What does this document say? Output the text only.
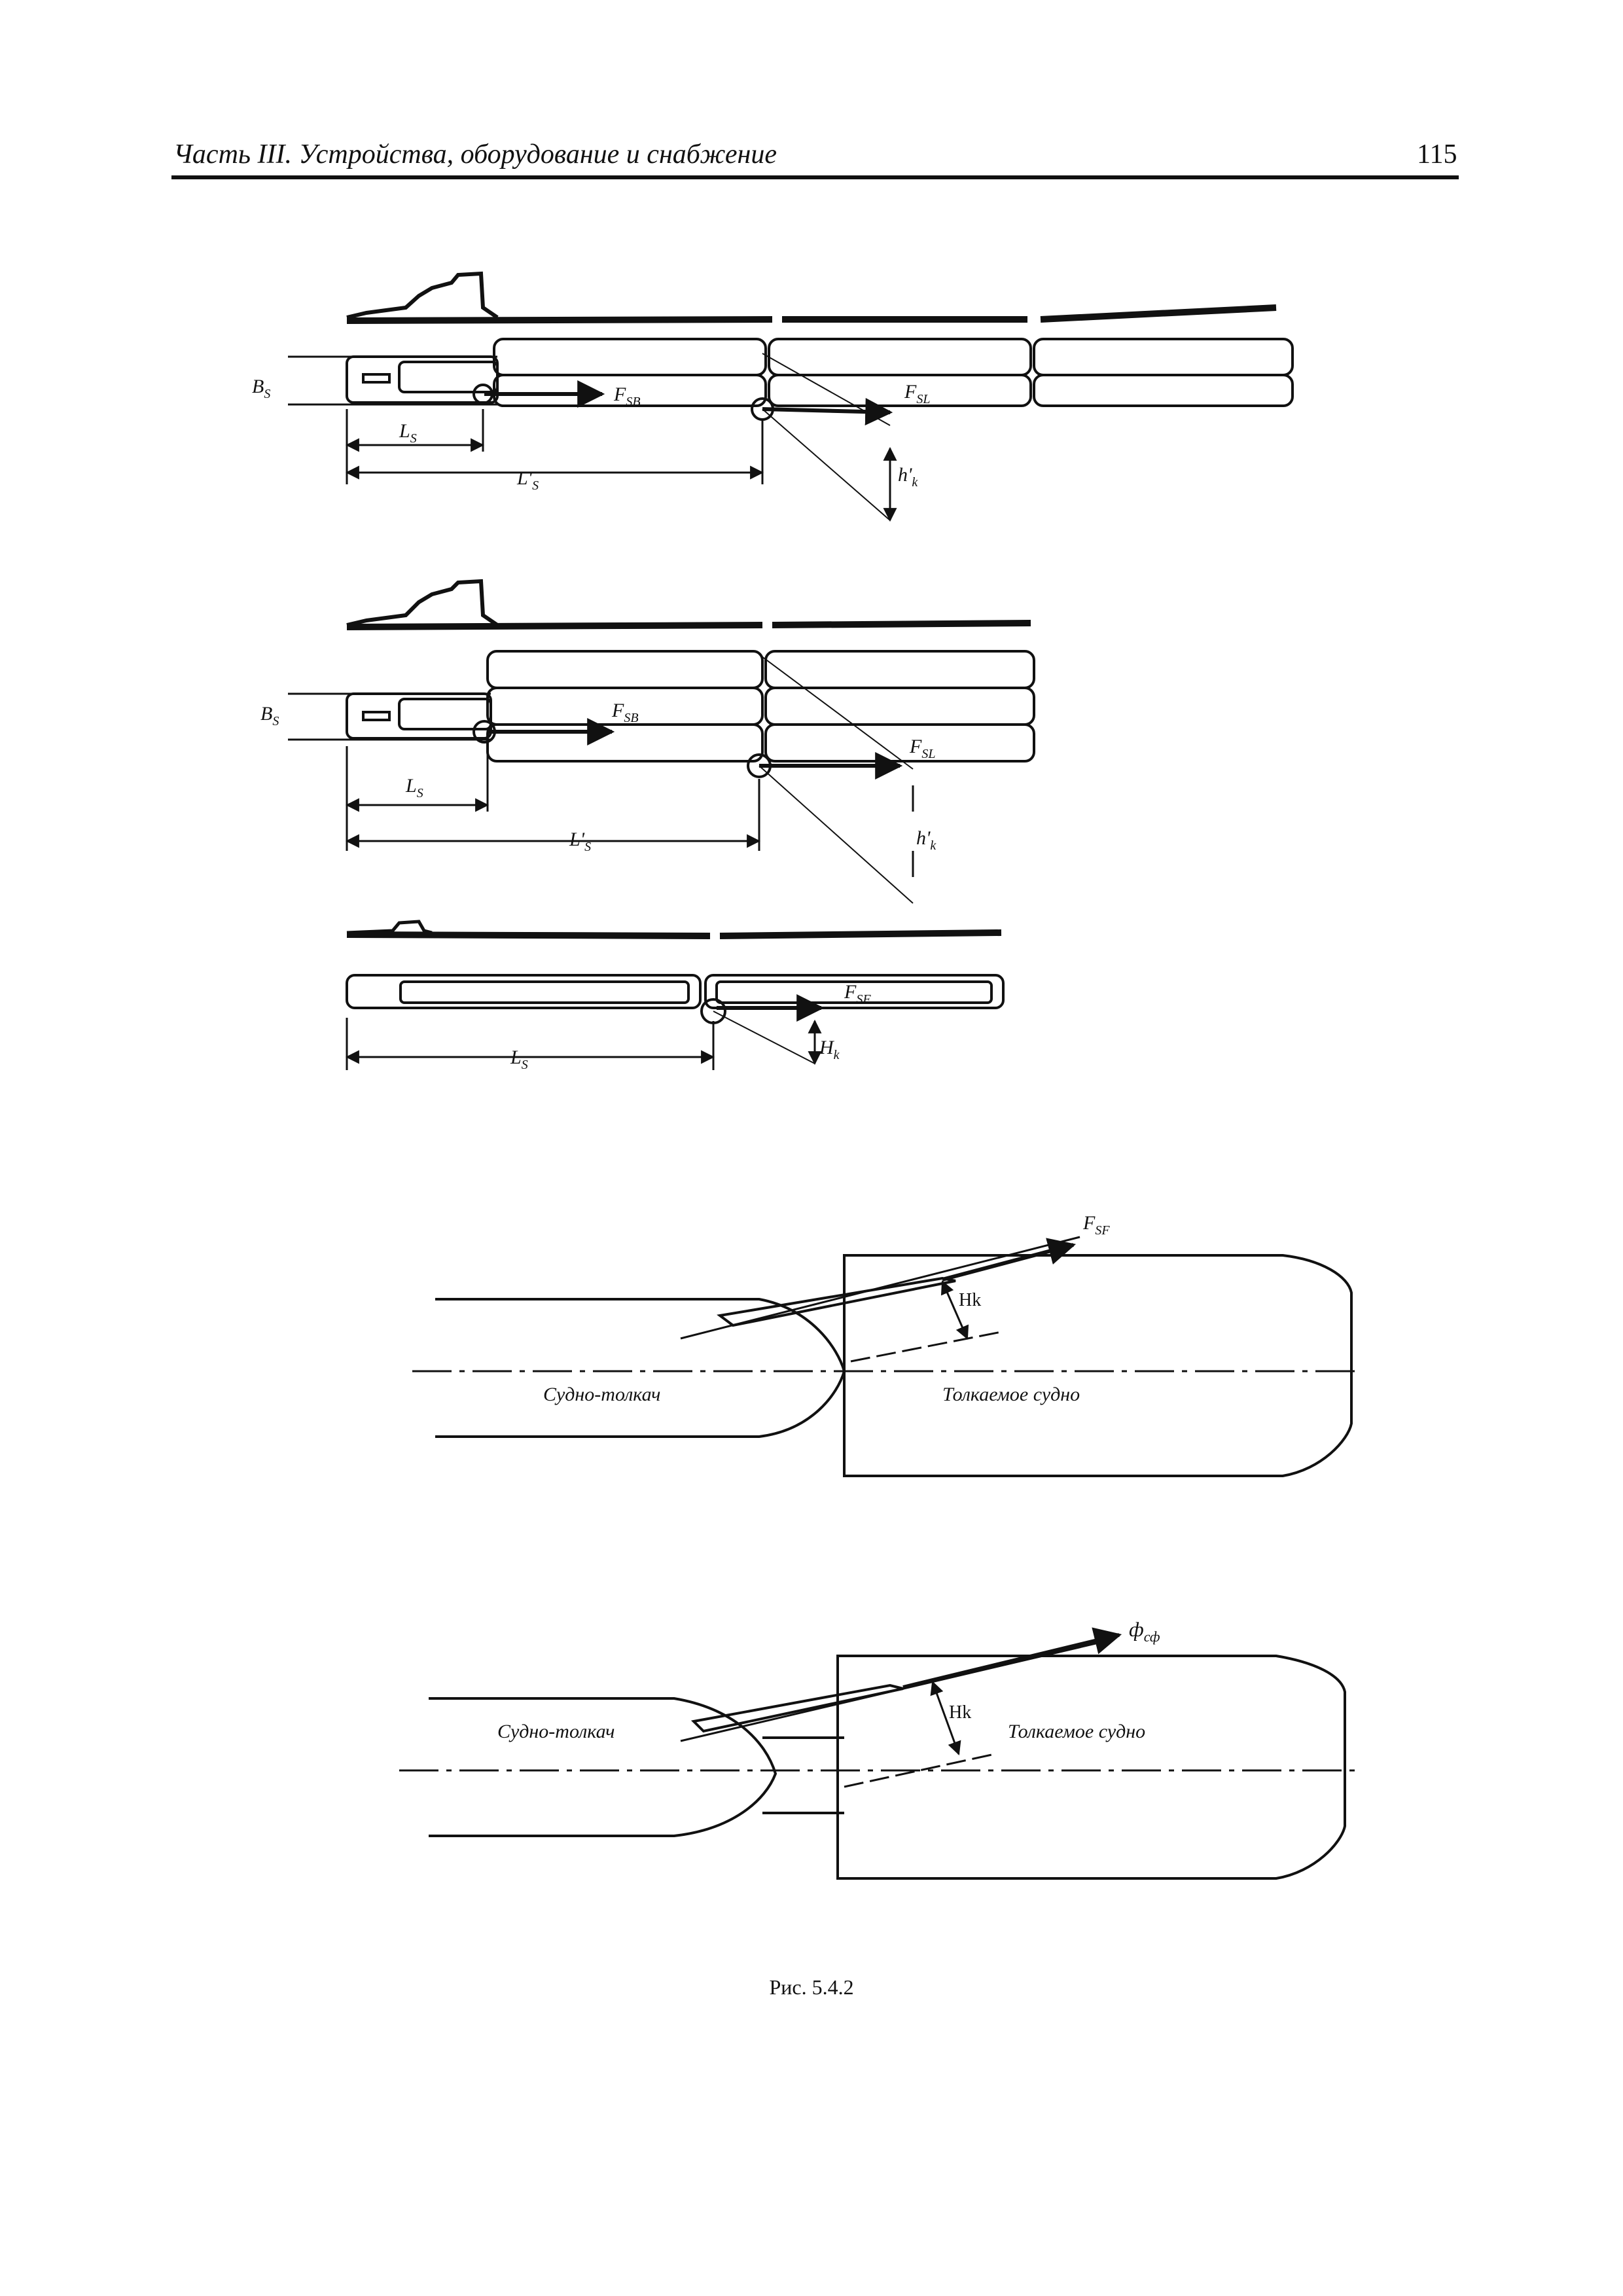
Часть III. Устройства, оборудование и снабжение	115
$B_S$
$L_S$
$L'_S$
$F_{SB}$	$F_{SL}$
$h'_k$
$B_S$
$L_S$
$L'_S$
$F_{SB}$
$F_{SL}$
$h'_k$
$F_{SF}$
$L_S$
$H_k$
$F_{SF}$
Hk
Судно-толкач	Толкаемое судно
$ф_{сф}$
Hk
Судно-толкач	Толкаемое судно
Рис. 5.4.2
